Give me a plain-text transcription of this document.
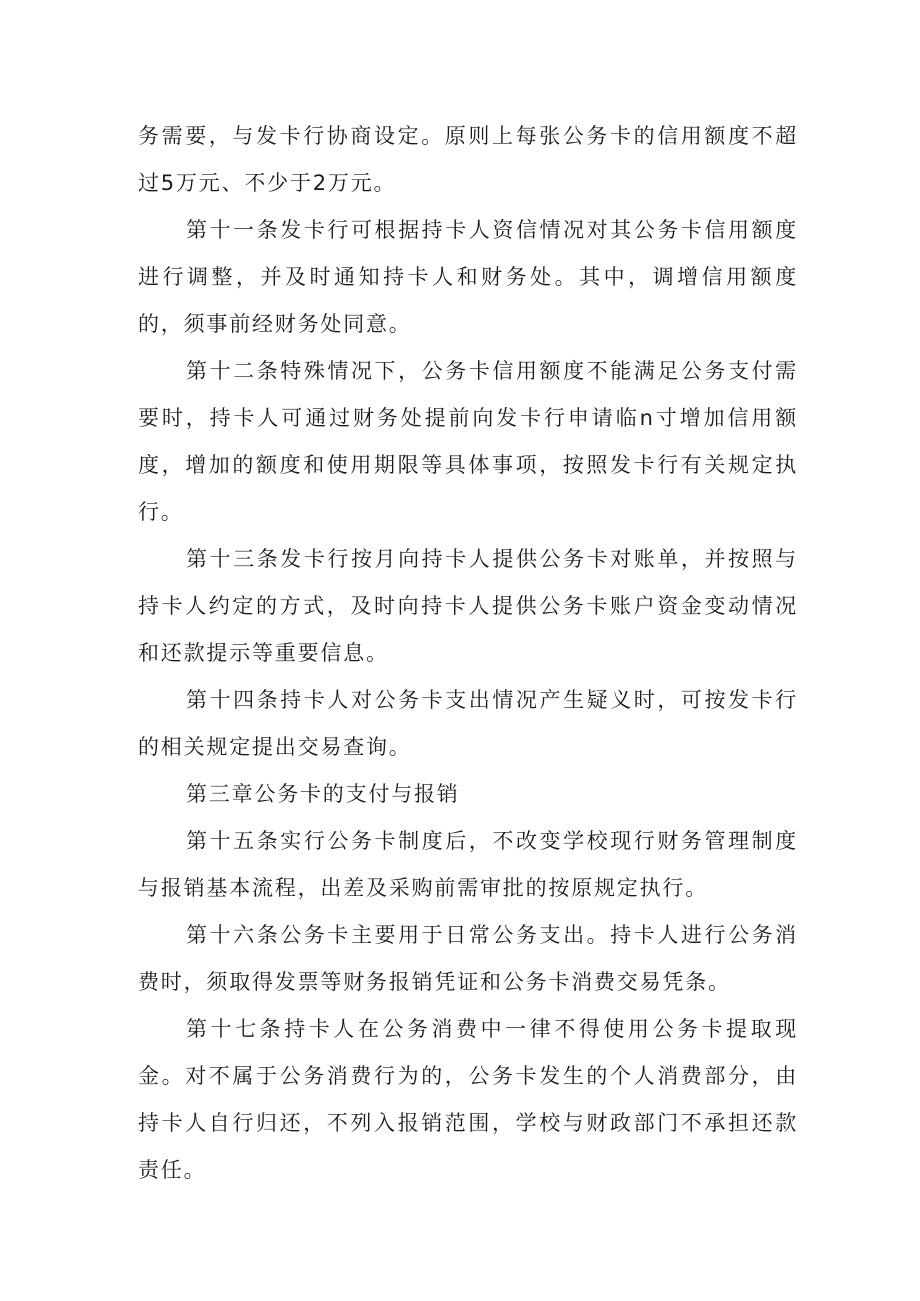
务需要，与发卡行协商设定。原则上每张公务卡的信用额度不超过5万元、不少于2万元。

第十一条发卡行可根据持卡人资信情况对其公务卡信用额度进行调整，并及时通知持卡人和财务处。其中，调增信用额度的，须事前经财务处同意。

第十二条特殊情况下，公务卡信用额度不能满足公务支付需要时，持卡人可通过财务处提前向发卡行申请临n寸增加信用额度，增加的额度和使用期限等具体事项，按照发卡行有关规定执行。

第十三条发卡行按月向持卡人提供公务卡对账单，并按照与持卡人约定的方式，及时向持卡人提供公务卡账户资金变动情况和还款提示等重要信息。

第十四条持卡人对公务卡支出情况产生疑义时，可按发卡行的相关规定提出交易查询。

第三章公务卡的支付与报销

第十五条实行公务卡制度后，不改变学校现行财务管理制度与报销基本流程，出差及采购前需审批的按原规定执行。

第十六条公务卡主要用于日常公务支出。持卡人进行公务消费时，须取得发票等财务报销凭证和公务卡消费交易凭条。

第十七条持卡人在公务消费中一律不得使用公务卡提取现金。对不属于公务消费行为的，公务卡发生的个人消费部分，由持卡人自行归还，不列入报销范围，学校与财政部门不承担还款责任。
